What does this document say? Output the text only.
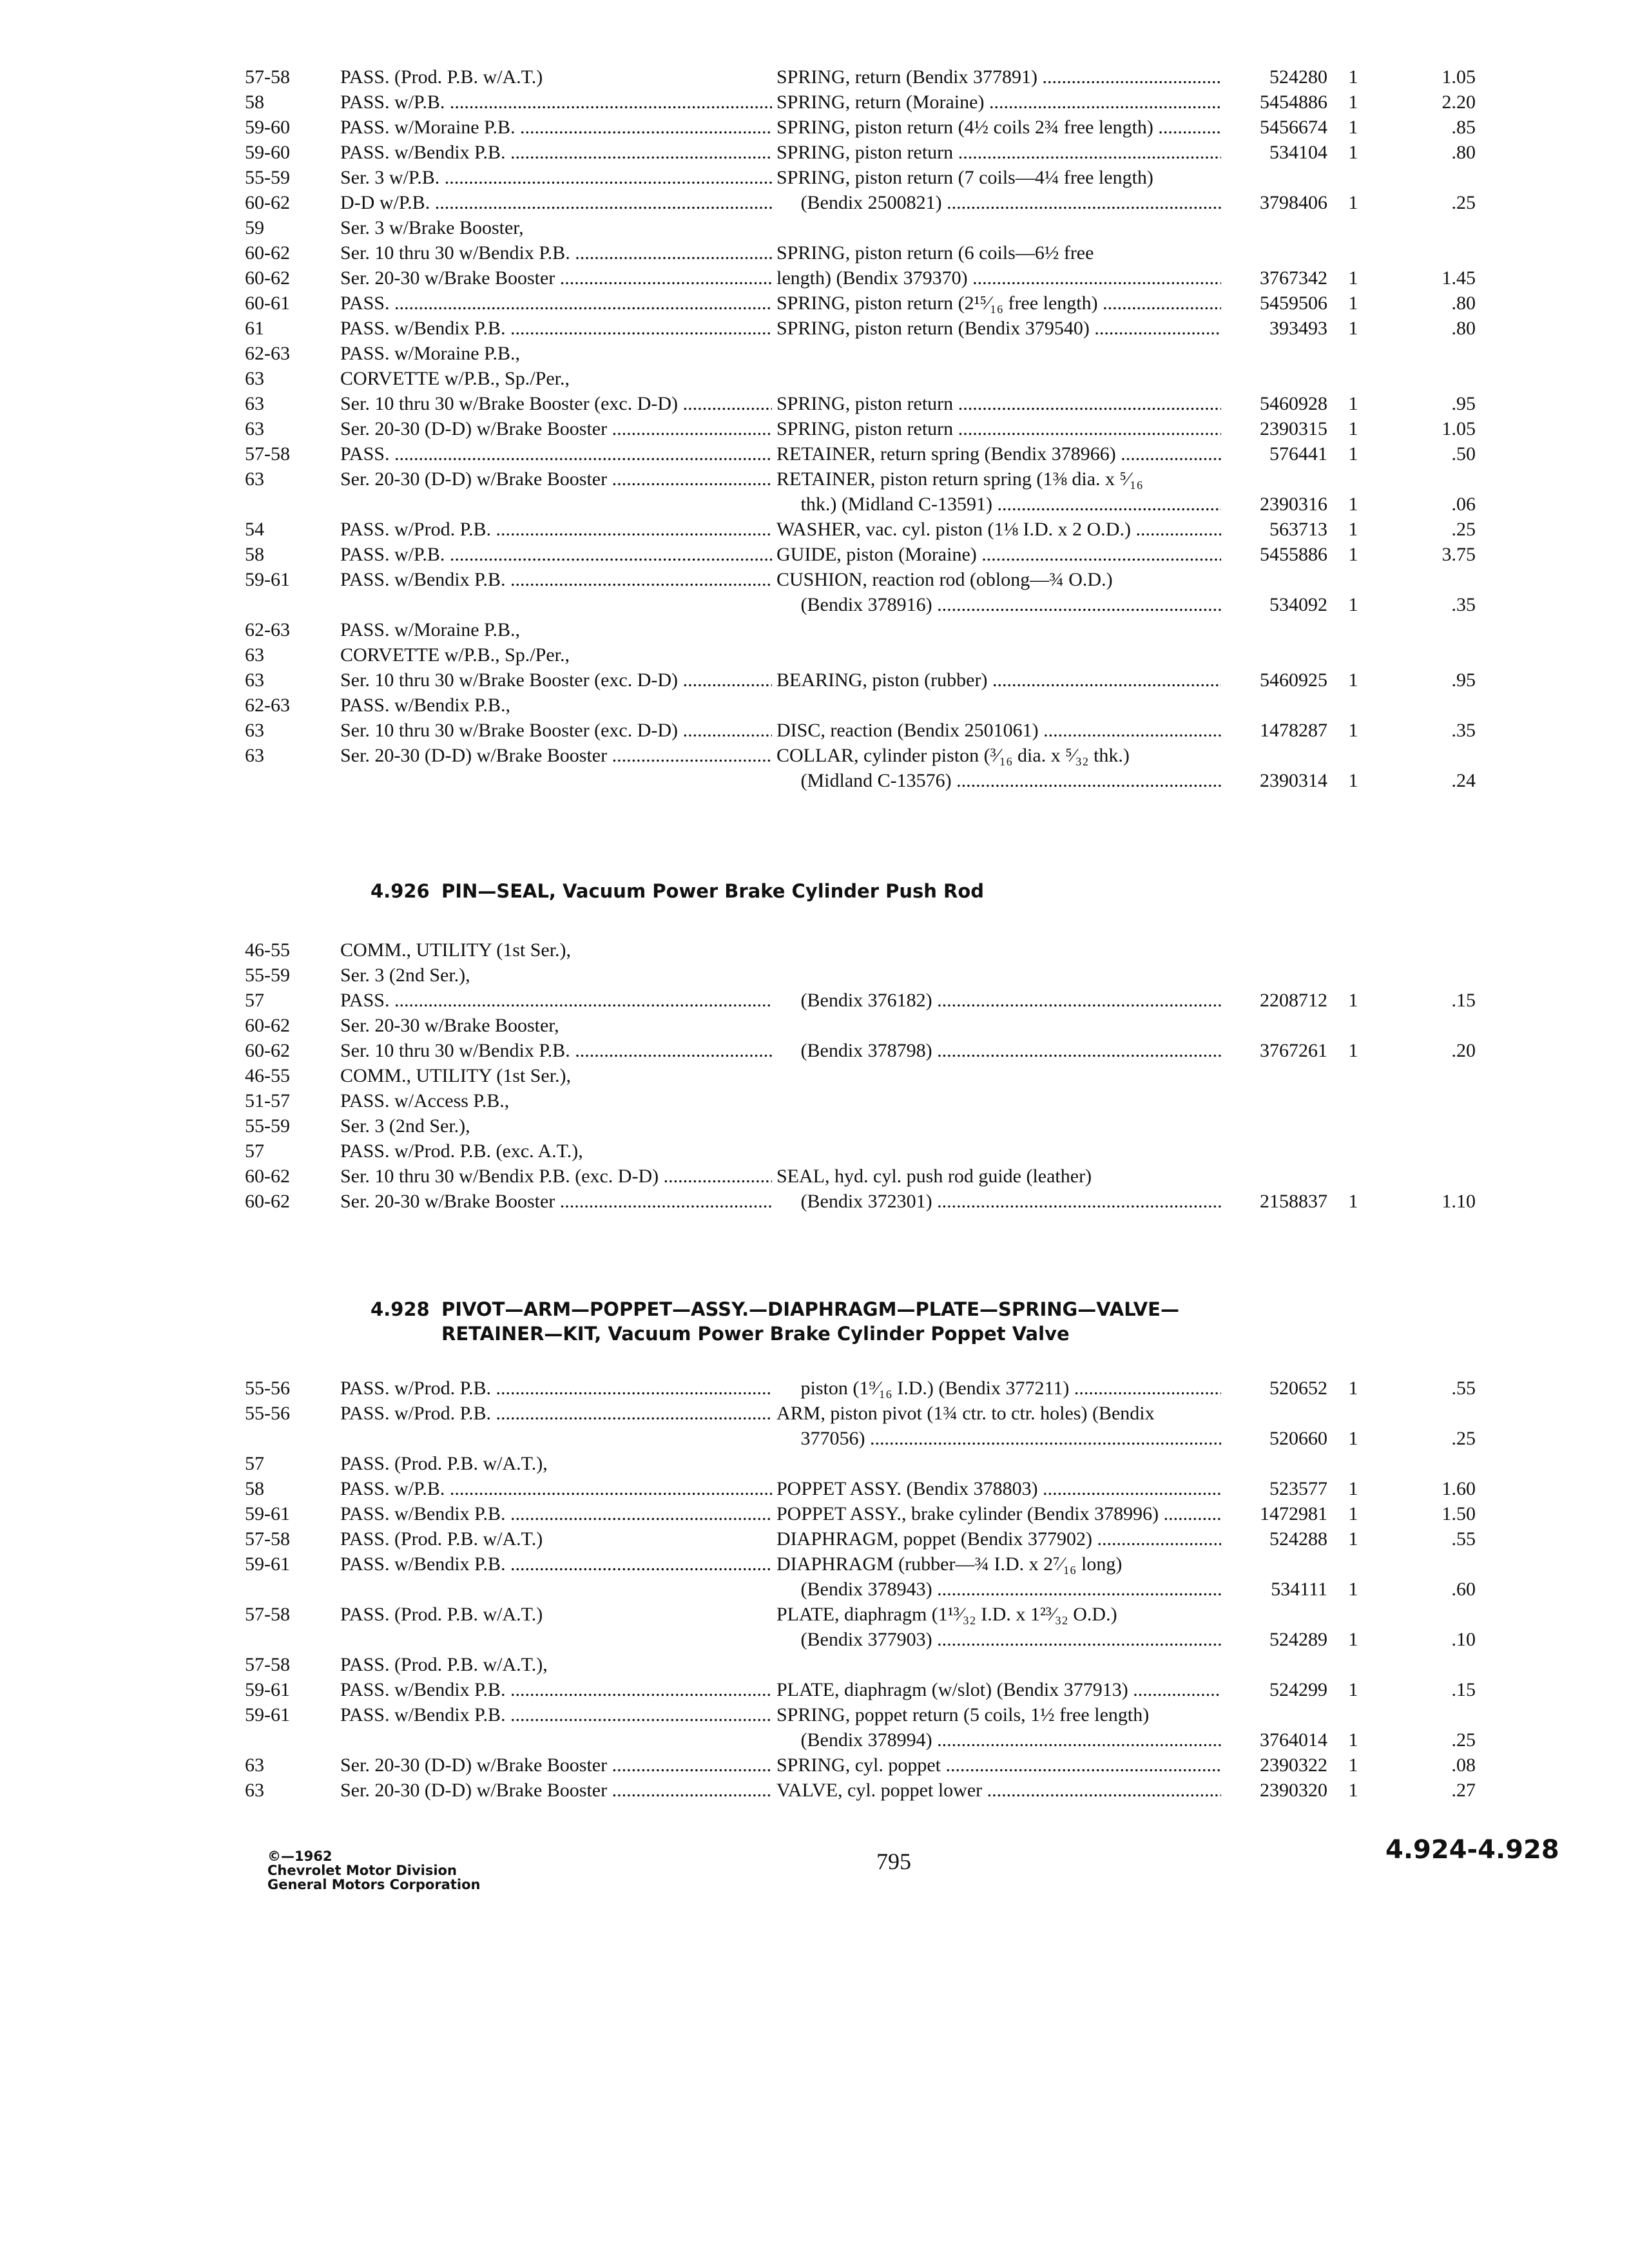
57-58	PASS. (Prod. P.B. w/A.T.)	SPRING, return (Bendix 377891) .....	524280	1	1.05
58	PASS. w/P.B. .....	SPRING, return (Moraine) .....	5454886	1	2.20
59-60	PASS. w/Moraine P.B. .....	SPRING, piston return (4½ coils 2¾ free length) .....	5456674	1	.85
59-60	PASS. w/Bendix P.B. .....	SPRING, piston return .....	534104	1	.80
55-59	Ser. 3 w/P.B. .....	SPRING, piston return (7 coils—4¼ free length)
60-62	D-D w/P.B. .....	(Bendix 2500821) .....	3798406	1	.25
59	Ser. 3 w/Brake Booster,
60-62	Ser. 10 thru 30 w/Bendix P.B. .....	SPRING, piston return (6 coils—6½ free
60-62	Ser. 20-30 w/Brake Booster .....	length) (Bendix 379370) .....	3767342	1	1.45
60-61	PASS. .....	SPRING, piston return (2¹⁵⁄₁₆ free length) .....	5459506	1	.80
61	PASS. w/Bendix P.B. .....	SPRING, piston return (Bendix 379540) .....	393493	1	.80
62-63	PASS. w/Moraine P.B.,
63	CORVETTE w/P.B., Sp./Per.,
63	Ser. 10 thru 30 w/Brake Booster (exc. D-D) .....	SPRING, piston return .....	5460928	1	.95
63	Ser. 20-30 (D-D) w/Brake Booster .....	SPRING, piston return .....	2390315	1	1.05
57-58	PASS. .....	RETAINER, return spring (Bendix 378966) .....	576441	1	.50
63	Ser. 20-30 (D-D) w/Brake Booster .....	RETAINER, piston return spring (1⅜ dia. x ⁵⁄₁₆
thk.) (Midland C-13591) .....	2390316	1	.06
54	PASS. w/Prod. P.B. .....	WASHER, vac. cyl. piston (1⅛ I.D. x 2 O.D.) .....	563713	1	.25
58	PASS. w/P.B. .....	GUIDE, piston (Moraine) .....	5455886	1	3.75
59-61	PASS. w/Bendix P.B. .....	CUSHION, reaction rod (oblong—¾ O.D.)
(Bendix 378916) .....	534092	1	.35
62-63	PASS. w/Moraine P.B.,
63	CORVETTE w/P.B., Sp./Per.,
63	Ser. 10 thru 30 w/Brake Booster (exc. D-D) .....	BEARING, piston (rubber) .....	5460925	1	.95
62-63	PASS. w/Bendix P.B.,
63	Ser. 10 thru 30 w/Brake Booster (exc. D-D) .....	DISC, reaction (Bendix 2501061) .....	1478287	1	.35
63	Ser. 20-30 (D-D) w/Brake Booster .....	COLLAR, cylinder piston (³⁄₁₆ dia. x ⁵⁄₃₂ thk.)
(Midland C-13576) .....	2390314	1	.24
4.926 PIN—SEAL, Vacuum Power Brake Cylinder Push Rod
46-55	COMM., UTILITY (1st Ser.),
55-59	Ser. 3 (2nd Ser.),
57	PASS. .....	(Bendix 376182) .....	2208712	1	.15
60-62	Ser. 20-30 w/Brake Booster,
60-62	Ser. 10 thru 30 w/Bendix P.B. .....	(Bendix 378798) .....	3767261	1	.20
46-55	COMM., UTILITY (1st Ser.),
51-57	PASS. w/Access P.B.,
55-59	Ser. 3 (2nd Ser.),
57	PASS. w/Prod. P.B. (exc. A.T.),
60-62	Ser. 10 thru 30 w/Bendix P.B. (exc. D-D) .....	SEAL, hyd. cyl. push rod guide (leather)
60-62	Ser. 20-30 w/Brake Booster .....	(Bendix 372301) .....	2158837	1	1.10
4.928 PIVOT—ARM—POPPET—ASSY.—DIAPHRAGM—PLATE—SPRING—VALVE—
RETAINER—KIT, Vacuum Power Brake Cylinder Poppet Valve
55-56	PASS. w/Prod. P.B. .....	piston (1⁹⁄₁₆ I.D.) (Bendix 377211) .....	520652	1	.55
55-56	PASS. w/Prod. P.B. .....	ARM, piston pivot (1¾ ctr. to ctr. holes) (Bendix
377056) .....	520660	1	.25
57	PASS. (Prod. P.B. w/A.T.),
58	PASS. w/P.B. .....	POPPET ASSY. (Bendix 378803) .....	523577	1	1.60
59-61	PASS. w/Bendix P.B. .....	POPPET ASSY., brake cylinder (Bendix 378996) .....	1472981	1	1.50
57-58	PASS. (Prod. P.B. w/A.T.)	DIAPHRAGM, poppet (Bendix 377902) .....	524288	1	.55
59-61	PASS. w/Bendix P.B. .....	DIAPHRAGM (rubber—¾ I.D. x 2⁷⁄₁₆ long)
(Bendix 378943) .....	534111	1	.60
57-58	PASS. (Prod. P.B. w/A.T.)	PLATE, diaphragm (1¹³⁄₃₂ I.D. x 1²³⁄₃₂ O.D.)
(Bendix 377903) .....	524289	1	.10
57-58	PASS. (Prod. P.B. w/A.T.),
59-61	PASS. w/Bendix P.B. .....	PLATE, diaphragm (w/slot) (Bendix 377913) .....	524299	1	.15
59-61	PASS. w/Bendix P.B. .....	SPRING, poppet return (5 coils, 1½ free length)
(Bendix 378994) .....	3764014	1	.25
63	Ser. 20-30 (D-D) w/Brake Booster .....	SPRING, cyl. poppet .....	2390322	1	.08
63	Ser. 20-30 (D-D) w/Brake Booster .....	VALVE, cyl. poppet lower .....	2390320	1	.27
©—1962
Chevrolet Motor Division
General Motors Corporation
795	4.924-4.928
